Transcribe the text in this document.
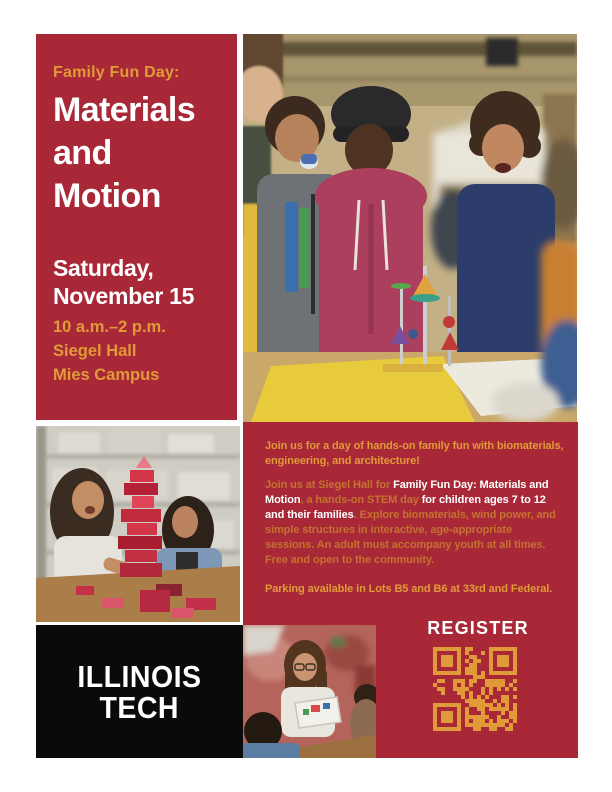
Family Fun Day:
Materials
and
Motion
Saturday,
November 15
10 a.m.–2 p.m.
Siegel Hall
Mies Campus

Join us for a day of hands-on family fun with biomaterials, engineering, and architecture!

Join us at Siegel Hall for Family Fun Day: Materials and Motion, a hands-on STEM day for children ages 7 to 12 and their families. Explore biomaterials, wind power, and simple structures in interactive, age-appropriate sessions. An adult must accompany youth at all times. Free and open to the community.

Parking available in Lots B5 and B6 at 33rd and Federal.

ILLINOIS
TECH
REGISTER
